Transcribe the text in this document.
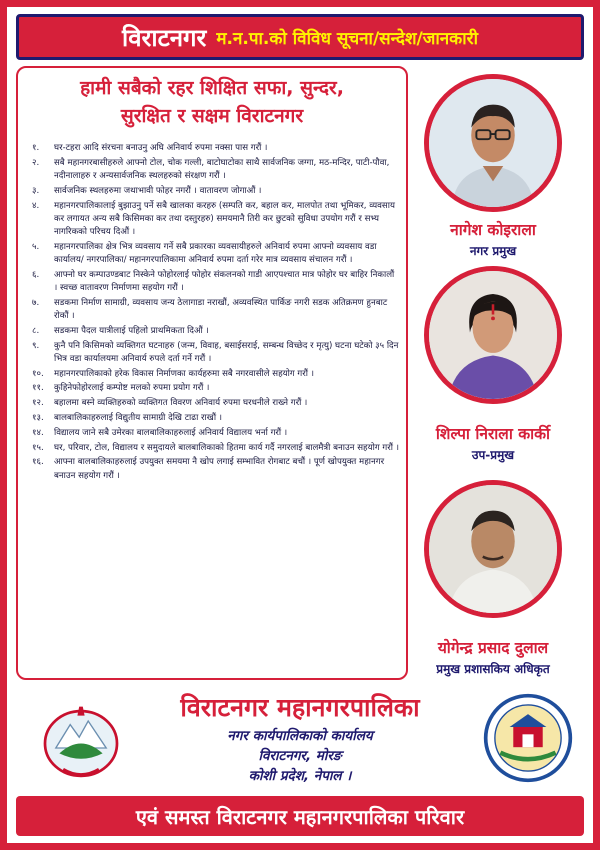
विराटनगर म.न.पा.को विविध सूचना/सन्देश/जानकारी
हामी सबैको रहर शिक्षित सफा, सुन्दर,
सुरक्षित र सक्षम विराटनगर
१.	घर-टहरा आदि संरचना बनाउनु अघि अनिवार्य रुपमा नक्सा पास गरौं ।
२.	सबै महानगरबासीहरुले आफ्नो टोल, चोक गल्ली, बाटोघाटोका साथै सार्वजनिक जग्गा, मठ-मन्दिर, पाटी-पौवा, नदीनालाहरु र अन्यसार्वजनिक स्थलहरुको संरक्षण गरौं ।
३.	सार्वजनिक स्थलहरुमा जथाभावी फोहर नगरौं । वातावरण जोगाऔं ।
४.	महानगरपालिकालाई बुझाउनु पर्ने सबै खालका करहरु (सम्पति कर, बहाल कर, मालपोत तथा भूमिकर, व्यवसाय कर लगायत अन्य सबै किसिमका कर तथा दस्तुरहरु) समयमानै तिरी कर छुटको सुविधा उपयोग गरौं र सभ्य नागरिकको परिचय दिऔं ।
५.	महानगरपालिका क्षेत्र भित्र व्यवसाय गर्ने सबै प्रकारका व्यवसायीहरुले अनिवार्य रुपमा आफ्नो व्यवसाय वडा कार्यालय/ नगरपालिका/ महानगरपालिकामा अनिवार्य रुपमा दर्ता गरेर मात्र व्यवसाय संचालन गरौं ।
६.	आफ्नो घर कम्पाउण्डबाट निस्केने फोहोरलाई फोहोर संकलनको गाडी आएपश्चात मात्र फोहोर घर बाहिर निकालौं । स्वच्छ वातावरण निर्माणमा सहयोग गरौं ।
७.	सडकमा निर्माण सामाग्री, व्यवसाय जन्य ठेलागाडा नराखौं, अव्यवस्थित पार्किङ नगरी सडक अतिक्रमण हुनबाट रोकौं ।
८.	सडकमा पैदल यात्रीलाई पहिलो प्राथमिकता दिऔं ।
९.	कुनै पनि किसिमको व्यक्तिगत घटनाहरु (जन्म, विवाह, बसाईसराई, सम्बन्ध विच्छेद र मृत्यु) घटना घटेको ३५ दिन भित्र वडा कार्यालयमा अनिवार्य रुपले दर्ता गर्ने गरौं ।
१०.	महानगरपालिकाको हरेक विकास निर्माणका कार्यहरुमा सबै नगरवासीले सहयोग गरौं ।
११.	कुहिनेफोहोरलाई कम्पोष्ट मलको रुपमा प्रयोग गरौं ।
१२.	बहालमा बस्ने व्यक्तिहरुको व्यक्तिगत विवरण अनिवार्य रुपमा घरधनीले राख्ने गरौं ।
१३.	बालबालिकाहरुलाई विद्युतीय सामाग्री देखि टाढा राखौं ।
१४.	विद्यालय जाने सबै उमेरका बालबालिकाहरुलाई अनिवार्य विद्यालय भर्ना गरौं ।
१५.	घर, परिवार, टोल, विद्यालय र समुदायले बालबालिकाको हितमा कार्य गर्दै नगरलाई बालमैत्री बनाउन सहयोग गरौं ।
१६.	आफ्ना बालबालिकाहरुलाई उपयुक्त समयमा नै खोप लगाई सम्भावित रोगबाट बचौं । पूर्ण खोपयुक्त महानगर बनाउन सहयोग गरौं ।
नागेश कोइराला
नगर प्रमुख
शिल्पा निराला कार्की
उप-प्रमुख
योगेन्द्र प्रसाद दुलाल
प्रमुख प्रशासकिय अधिकृत
विराटनगर महानगरपालिका
नगर कार्यपालिकाको कार्यालय
विराटनगर, मोरङ
कोशी प्रदेश, नेपाल ।
एवं समस्त विराटनगर महानगरपालिका परिवार
